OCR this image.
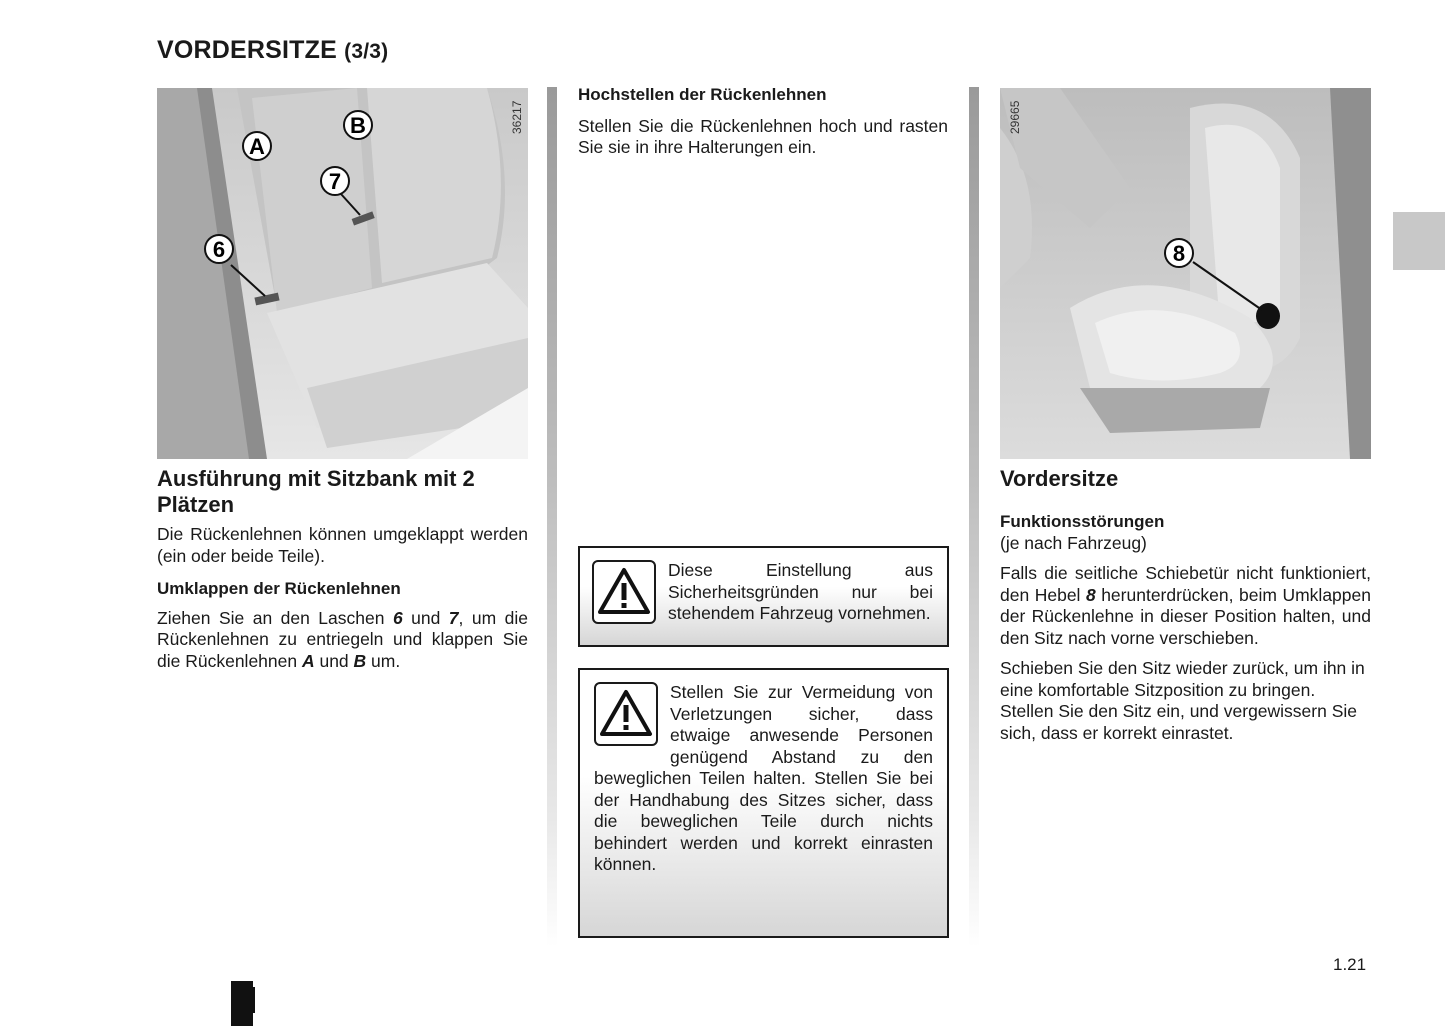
VORDERSITZE (3/3)
A
B
7
6
36217
Ausführung mit Sitzbank mit 2 Plätzen

Die Rückenlehnen können umgeklappt werden (ein oder beide Teile).

Umklappen der Rückenlehnen

Ziehen Sie an den Laschen 6 und 7, um die Rückenlehnen zu entriegeln und klappen Sie die Rückenlehnen A und B um.

Hochstellen der Rückenlehnen

Stellen Sie die Rückenlehnen hoch und rasten Sie sie in ihre Halterungen ein.

Diese Einstellung aus Sicherheitsgründen nur bei stehendem Fahrzeug vornehmen.
Stellen Sie zur Vermeidung von Verletzungen sicher, dass etwaige anwesende Personen genügend Abstand zu den beweglichen Teilen halten. Stellen Sie bei der Handhabung des Sitzes sicher, dass die beweglichen Teile durch nichts behindert werden und korrekt einrasten können.
8
29665
Vordersitze
Funktionsstörungen

(je nach Fahrzeug)

Falls die seitliche Schiebetür nicht funktioniert, den Hebel 8 herunterdrücken, beim Umklappen der Rückenlehne in dieser Position halten, und den Sitz nach vorne verschieben.

Schieben Sie den Sitz wieder zurück, um ihn in eine komfortable Sitzposition zu bringen. Stellen Sie den Sitz ein, und vergewissern Sie sich, dass er korrekt einrastet.

1.21
